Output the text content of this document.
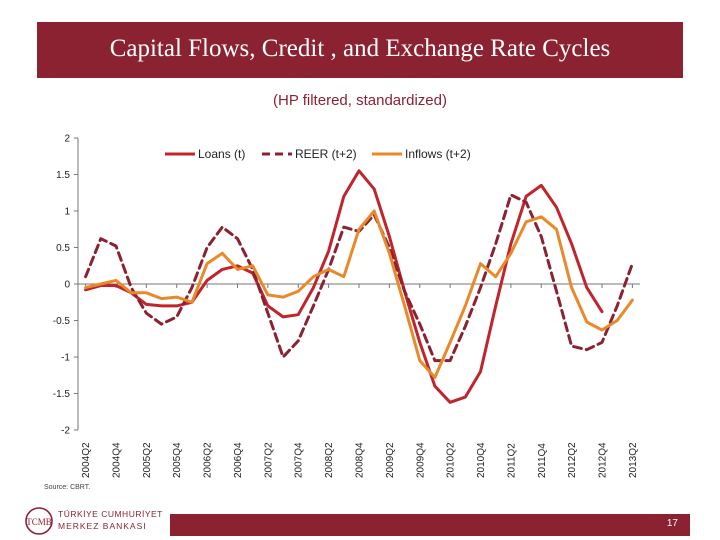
Capital Flows, Credit , and Exchange Rate Cycles
(HP filtered, standardized)
2
1.5
1
0.5
0
-0.5
-1
-1.5
-2
2004Q2 2004Q4 2005Q2 2005Q4 2006Q2 2006Q4 2007Q2 2007Q4 2008Q2 2008Q4 2009Q2 2009Q4 2010Q2 2010Q4 2011Q2 2011Q4 2012Q2 2012Q4 2013Q2
Loans (t)	REER (t+2)	Inflows (t+2)
Source: CBRT.
TCMB
TÜRKİYE CUMHURİYET
MERKEZ BANKASI	17
